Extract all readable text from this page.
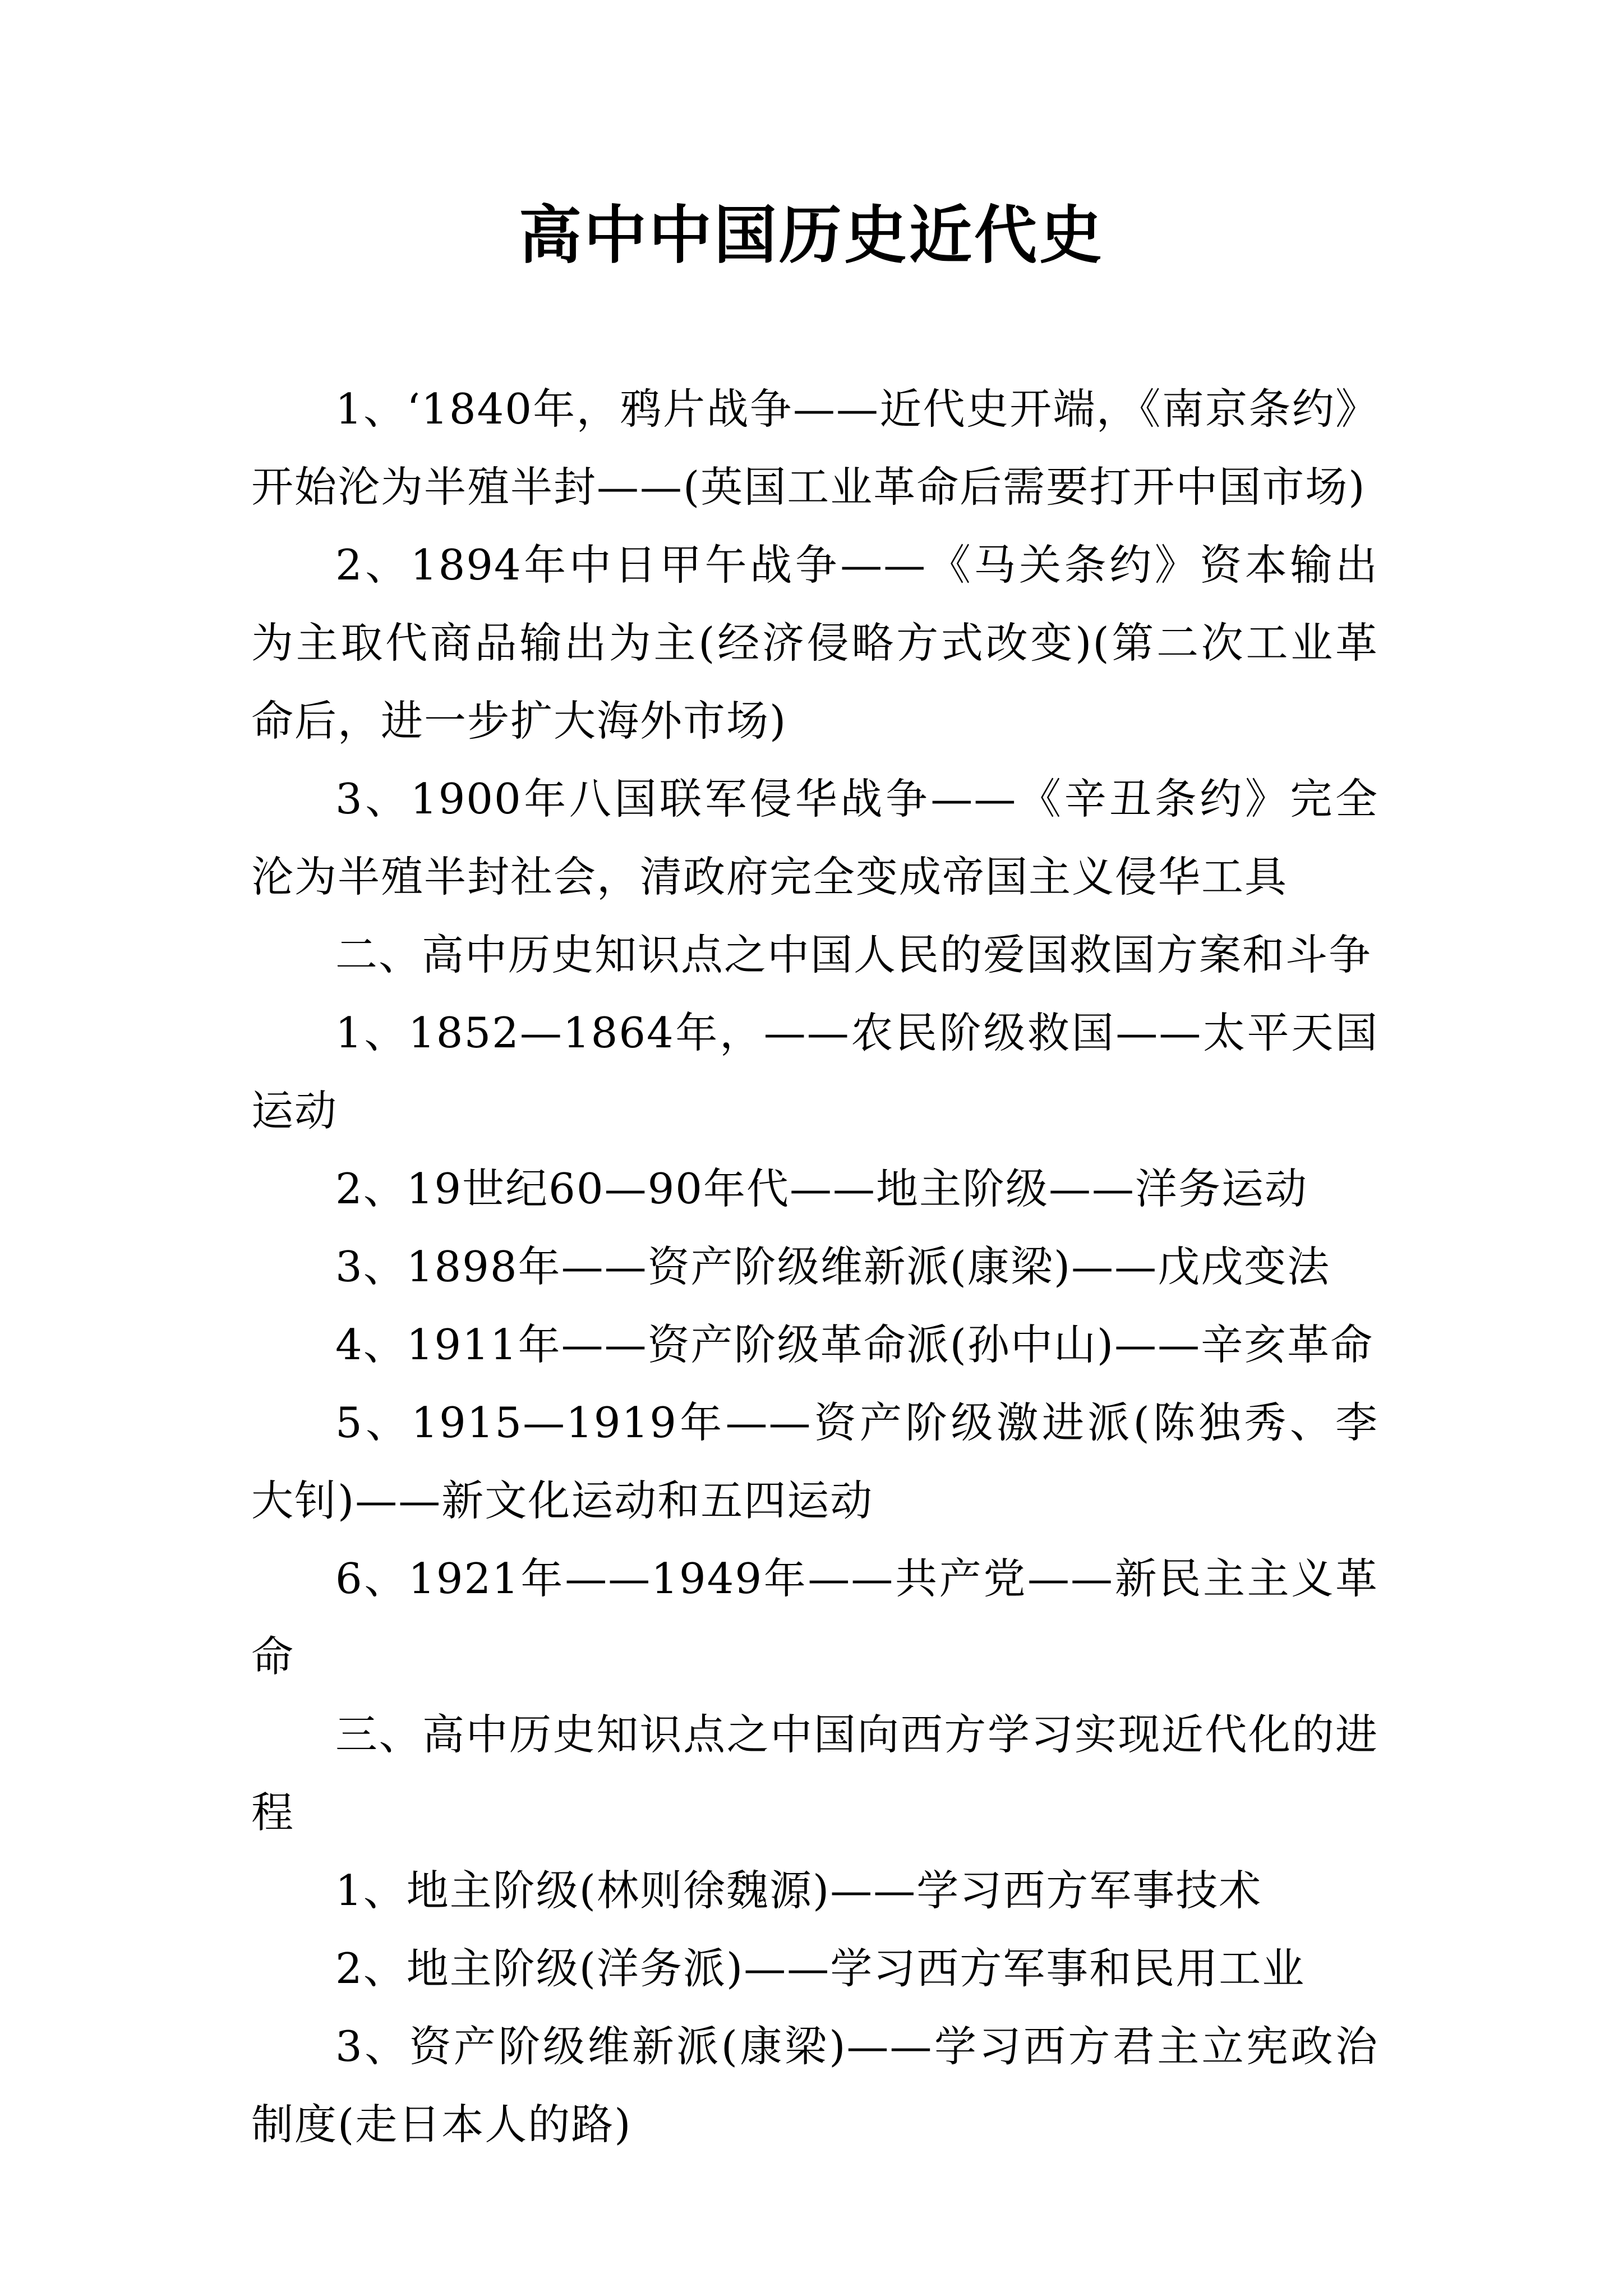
高中中国历史近代史

1、‘1840年，鸦片战争——近代史开端，《南京条约》开始沦为半殖半封——(英国工业革命后需要打开中国市场)

2、1894年中日甲午战争——《马关条约》资本输出为主取代商品输出为主(经济侵略方式改变)(第二次工业革命后，进一步扩大海外市场)

3、1900年八国联军侵华战争——《辛丑条约》完全沦为半殖半封社会，清政府完全变成帝国主义侵华工具

二、高中历史知识点之中国人民的爱国救国方案和斗争

1、1852—1864年，——农民阶级救国——太平天国运动

2、19世纪60—90年代——地主阶级——洋务运动

3、1898年——资产阶级维新派(康梁)——戊戌变法

4、1911年——资产阶级革命派(孙中山)——辛亥革命

5、1915—1919年——资产阶级激进派(陈独秀、李大钊)——新文化运动和五四运动

6、1921年——1949年——共产党——新民主主义革命

三、高中历史知识点之中国向西方学习实现近代化的进程

1、地主阶级(林则徐魏源)——学习西方军事技术

2、地主阶级(洋务派)——学习西方军事和民用工业

3、资产阶级维新派(康梁)——学习西方君主立宪政治制度(走日本人的路)
